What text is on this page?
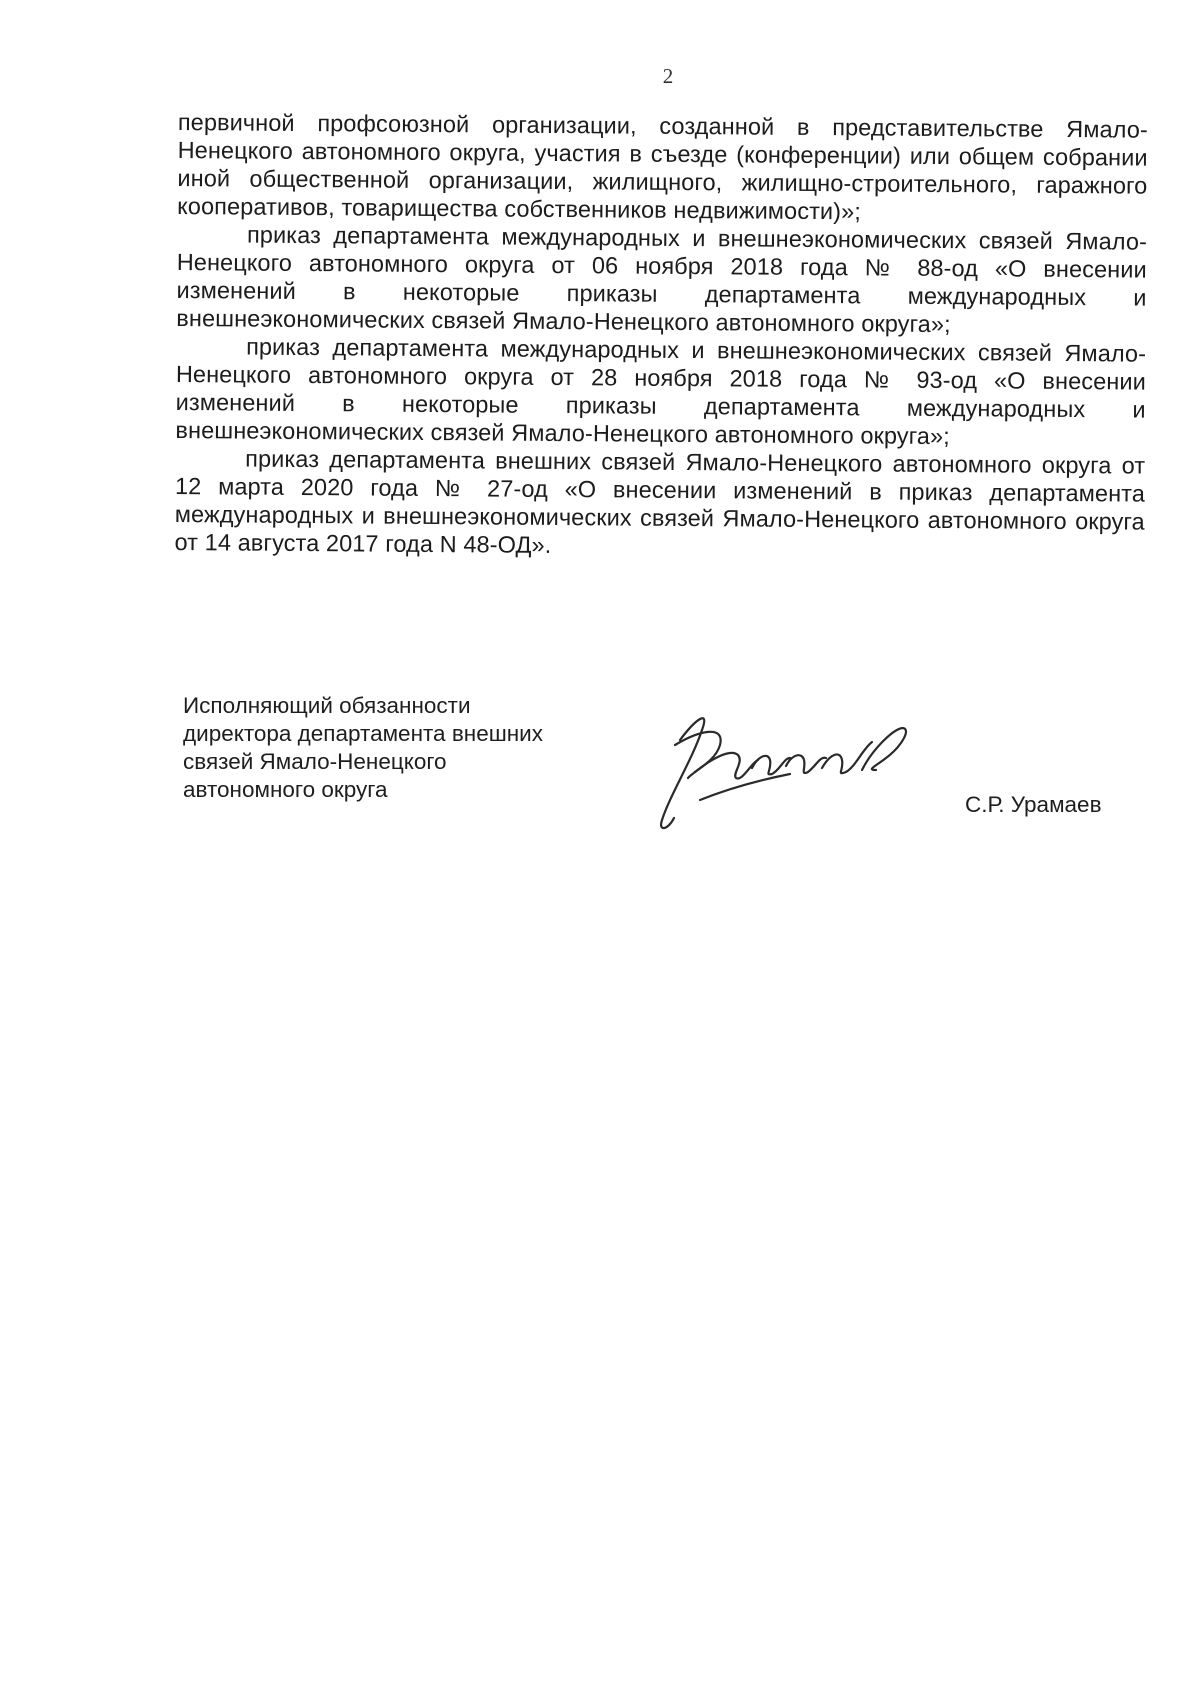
2

первичной профсоюзной организации, созданной в представительстве Ямало-Ненецкого автономного округа, участия в съезде (конференции) или общем собрании иной общественной организации, жилищного, жилищно-строительного, гаражного кооперативов, товарищества собственников недвижимости)»;

приказ департамента международных и внешнеэкономических связей Ямало-Ненецкого автономного округа от 06 ноября 2018 года № 88-од «О внесении изменений в некоторые приказы департамента международных и внешнеэкономических связей Ямало-Ненецкого автономного округа»;

приказ департамента международных и внешнеэкономических связей Ямало-Ненецкого автономного округа от 28 ноября 2018 года № 93-од «О внесении изменений в некоторые приказы департамента международных и внешнеэкономических связей Ямало-Ненецкого автономного округа»;

приказ департамента внешних связей Ямало-Ненецкого автономного округа от 12 марта 2020 года № 27-од «О внесении изменений в приказ департамента международных и внешнеэкономических связей Ямало-Ненецкого автономного округа от 14 августа 2017 года N 48-ОД».

Исполняющий обязанности
директора департамента внешних
связей Ямало-Ненецкого
автономного округа
С.Р. Урамаев
